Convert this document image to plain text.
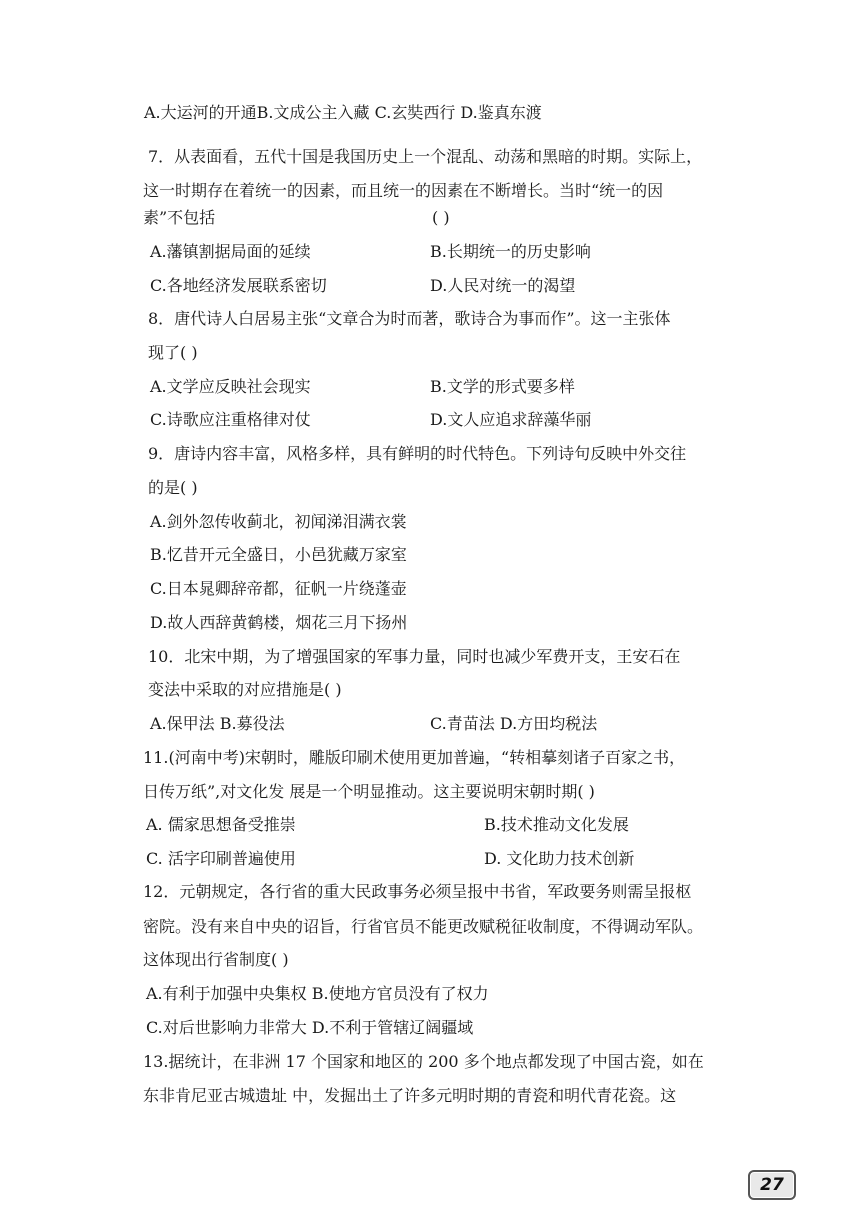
A.大运河的开通B.文成公主入藏 C.玄奘西行 D.鉴真东渡
7．从表面看，五代十国是我国历史上一个混乱、动荡和黑暗的时期。实际上，
这一时期存在着统一的因素，而且统一的因素在不断增长。当时“统一的因
素”不包括	( )
A.藩镇割据局面的延续	B.长期统一的历史影响
C.各地经济发展联系密切	D.人民对统一的渴望
8．唐代诗人白居易主张“文章合为时而著，歌诗合为事而作”。这一主张体
现了( )
A.文学应反映社会现实	B.文学的形式要多样
C.诗歌应注重格律对仗	D.文人应追求辞藻华丽
9．唐诗内容丰富，风格多样，具有鲜明的时代特色。下列诗句反映中外交往
的是( )
A.剑外忽传收蓟北，初闻涕泪满衣裳
B.忆昔开元全盛日，小邑犹藏万家室
C.日本晁卿辞帝都，征帆一片绕蓬壶
D.故人西辞黄鹤楼，烟花三月下扬州
10．北宋中期，为了增强国家的军事力量，同时也减少军费开支，王安石在
变法中采取的对应措施是( )
A.保甲法 B.募役法	C.青苗法 D.方田均税法
11.(河南中考)宋朝时，雕版印刷术使用更加普遍，“转相摹刻诸子百家之书，
日传万纸”,对文化发 展是一个明显推动。这主要说明宋朝时期( )
A. 儒家思想备受推崇	B.技术推动文化发展
C. 活字印刷普遍使用	D. 文化助力技术创新
12．元朝规定，各行省的重大民政事务必须呈报中书省，军政要务则需呈报枢
密院。没有来自中央的诏旨，行省官员不能更改赋税征收制度，不得调动军队。
这体现出行省制度( )
A.有利于加强中央集权 B.使地方官员没有了权力
C.对后世影响力非常大 D.不利于管辖辽阔疆域
13.据统计，在非洲 17 个国家和地区的 200 多个地点都发现了中国古瓷，如在
东非肯尼亚古城遗址 中，发掘出土了许多元明时期的青瓷和明代青花瓷。这
27
